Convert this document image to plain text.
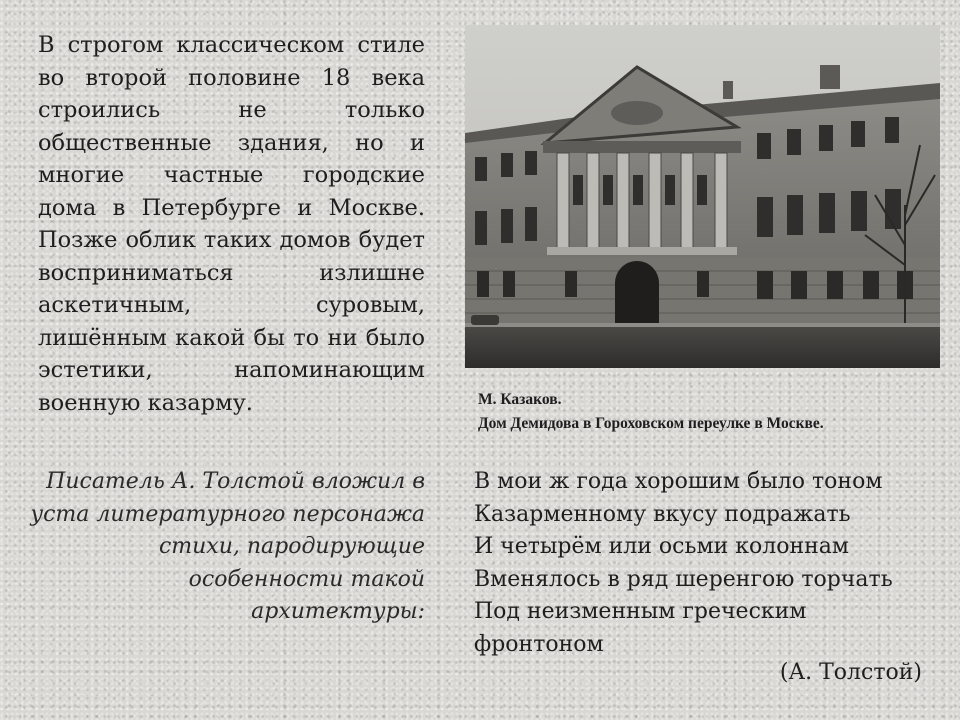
В строгом классическом стиле во второй половине 18 века строились не только общественные здания, но и многие частные городские дома в Петербурге и Москве. Позже облик таких домов будет восприниматься излишне аскетичным, суровым, лишённым какой бы то ни было эстетики, напоминающим военную казарму.	М. Казаков.
Дом Демидова в Гороховском переулке в Москве.

Писатель А. Толстой вложил в уста литературного персонажа стихи, пародирующие особенности такой архитектуры:

В мои ж года хорошим было тоном
Казарменному вкусу подражать
И четырём или осьми колоннам
Вменялось в ряд шеренгою торчать
Под неизменным греческим
фронтоном

(А. Толстой)
